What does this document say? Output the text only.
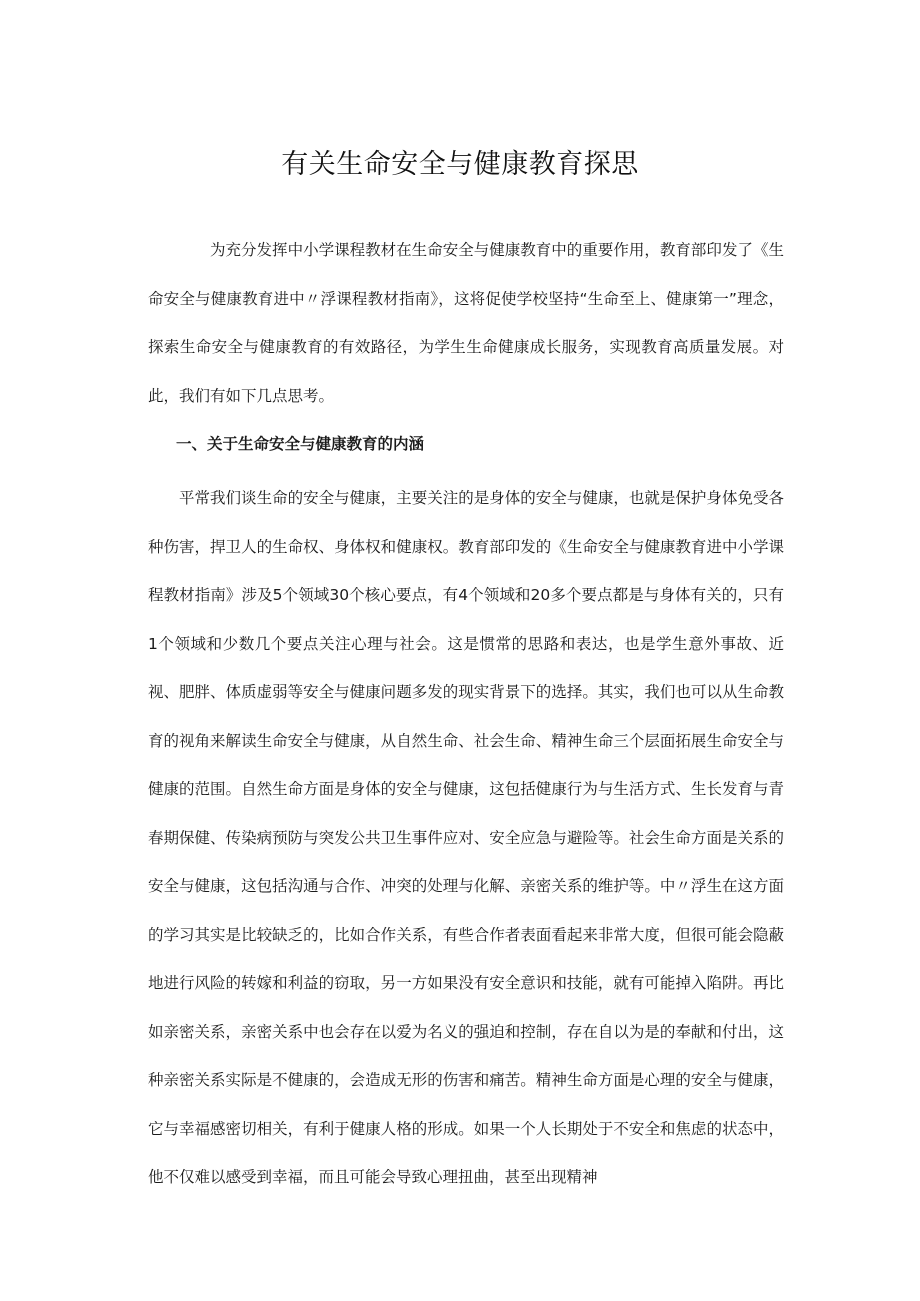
有关生命安全与健康教育探思

为充分发挥中小学课程教材在生命安全与健康教育中的重要作用，教育部印发了《生命安全与健康教育进中〃浮课程教材指南》，这将促使学校坚持“生命至上、健康第一”理念，探索生命安全与健康教育的有效路径，为学生生命健康成长服务，实现教育高质量发展。对此，我们有如下几点思考。

一、关于生命安全与健康教育的内涵

平常我们谈生命的安全与健康，主要关注的是身体的安全与健康，也就是保护身体免受各种伤害，捍卫人的生命权、身体权和健康权。教育部印发的《生命安全与健康教育进中小学课程教材指南》涉及5个领域30个核心要点，有4个领域和20多个要点都是与身体有关的，只有1个领域和少数几个要点关注心理与社会。这是惯常的思路和表达，也是学生意外事故、近视、肥胖、体质虚弱等安全与健康问题多发的现实背景下的选择。其实，我们也可以从生命教育的视角来解读生命安全与健康，从自然生命、社会生命、精神生命三个层面拓展生命安全与健康的范围。自然生命方面是身体的安全与健康，这包括健康行为与生活方式、生长发育与青春期保健、传染病预防与突发公共卫生事件应对、安全应急与避险等。社会生命方面是关系的安全与健康，这包括沟通与合作、冲突的处理与化解、亲密关系的维护等。中〃浮生在这方面的学习其实是比较缺乏的，比如合作关系，有些合作者表面看起来非常大度，但很可能会隐蔽地进行风险的转嫁和利益的窃取，另一方如果没有安全意识和技能，就有可能掉入陷阱。再比如亲密关系，亲密关系中也会存在以爱为名义的强迫和控制，存在自以为是的奉献和付出，这种亲密关系实际是不健康的，会造成无形的伤害和痛苦。精神生命方面是心理的安全与健康，它与幸福感密切相关，有利于健康人格的形成。如果一个人长期处于不安全和焦虑的状态中，他不仅难以感受到幸福，而且可能会导致心理扭曲，甚至出现精神
